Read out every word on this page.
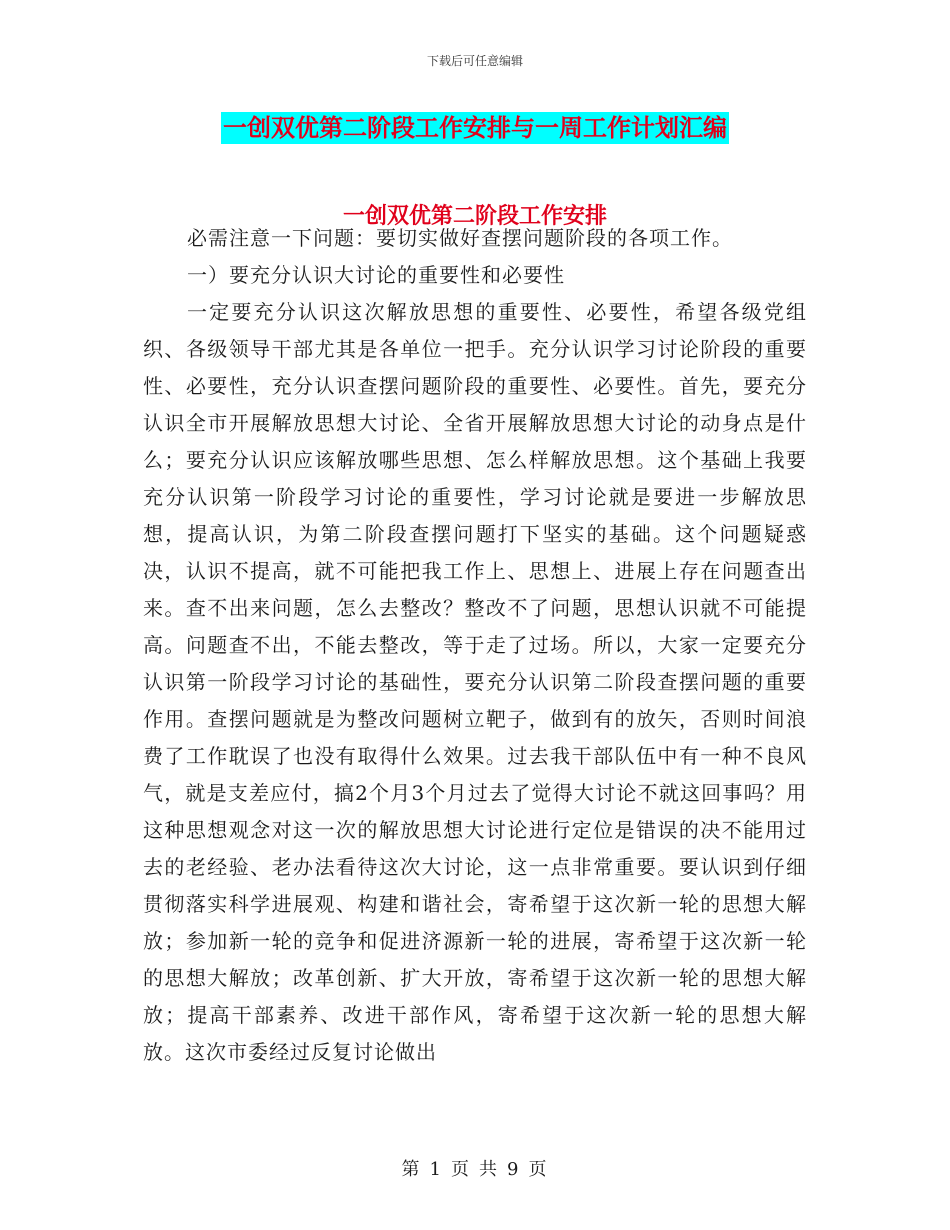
下载后可任意编辑
一创双优第二阶段工作安排与一周工作计划汇编
一创双优第二阶段工作安排

必需注意一下问题：要切实做好查摆问题阶段的各项工作。

一）要充分认识大讨论的重要性和必要性

一定要充分认识这次解放思想的重要性、必要性，希望各级党组织、各级领导干部尤其是各单位一把手。充分认识学习讨论阶段的重要性、必要性，充分认识查摆问题阶段的重要性、必要性。首先，要充分认识全市开展解放思想大讨论、全省开展解放思想大讨论的动身点是什么；要充分认识应该解放哪些思想、怎么样解放思想。这个基础上我要充分认识第一阶段学习讨论的重要性，学习讨论就是要进一步解放思想，提高认识，为第二阶段查摆问题打下坚实的基础。这个问题疑惑决，认识不提高，就不可能把我工作上、思想上、进展上存在问题查出来。查不出来问题，怎么去整改？整改不了问题，思想认识就不可能提高。问题查不出，不能去整改，等于走了过场。所以，大家一定要充分认识第一阶段学习讨论的基础性，要充分认识第二阶段查摆问题的重要作用。查摆问题就是为整改问题树立靶子，做到有的放矢，否则时间浪费了工作耽误了也没有取得什么效果。过去我干部队伍中有一种不良风气，就是支差应付，搞2个月3个月过去了觉得大讨论不就这回事吗？用这种思想观念对这一次的解放思想大讨论进行定位是错误的决不能用过去的老经验、老办法看待这次大讨论，这一点非常重要。要认识到仔细贯彻落实科学进展观、构建和谐社会，寄希望于这次新一轮的思想大解放；参加新一轮的竞争和促进济源新一轮的进展，寄希望于这次新一轮的思想大解放；改革创新、扩大开放，寄希望于这次新一轮的思想大解放；提高干部素养、改进干部作风，寄希望于这次新一轮的思想大解放。这次市委经过反复讨论做出

第 1 页 共 9 页
